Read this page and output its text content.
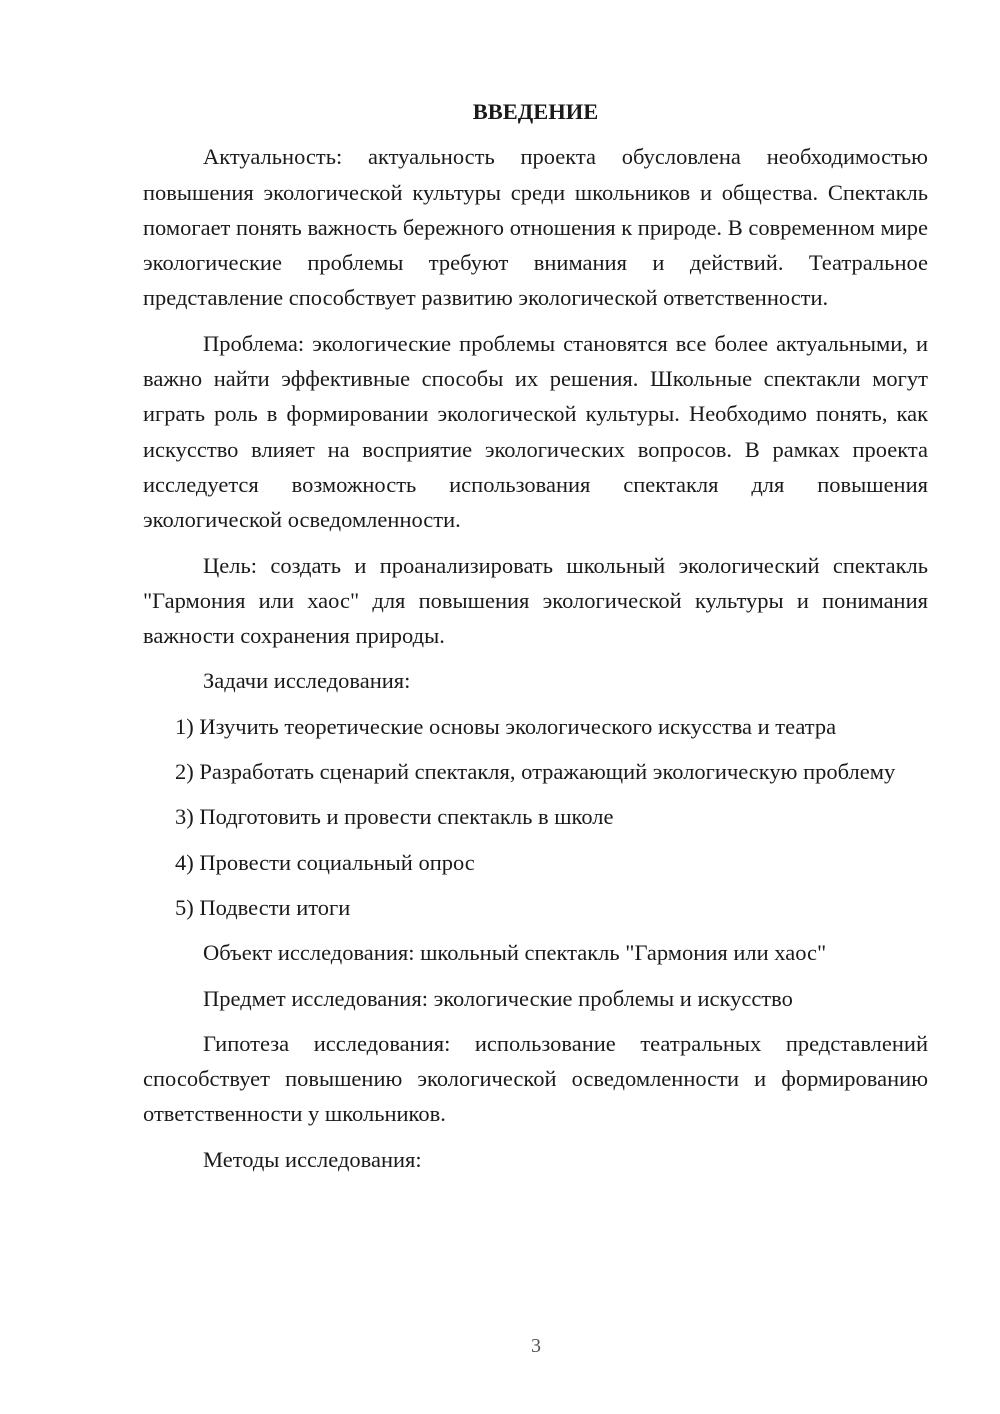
ВВЕДЕНИЕ

Актуальность: актуальность проекта обусловлена необходимостью повышения экологической культуры среди школьников и общества. Спектакль помогает понять важность бережного отношения к природе. В современном мире экологические проблемы требуют внимания и действий. Театральное представление способствует развитию экологической ответственности.

Проблема: экологические проблемы становятся все более актуальными, и важно найти эффективные способы их решения. Школьные спектакли могут играть роль в формировании экологической культуры. Необходимо понять, как искусство влияет на восприятие экологических вопросов. В рамках проекта исследуется возможность использования спектакля для повышения экологической осведомленности.

Цель: создать и проанализировать школьный экологический спектакль "Гармония или хаос" для повышения экологической культуры и понимания важности сохранения природы.

Задачи исследования:

1) Изучить теоретические основы экологического искусства и театра

2) Разработать сценарий спектакля, отражающий экологическую проблему

3) Подготовить и провести спектакль в школе

4) Провести социальный опрос

5) Подвести итоги

Объект исследования: школьный спектакль "Гармония или хаос"

Предмет исследования: экологические проблемы и искусство

Гипотеза исследования: использование театральных представлений способствует повышению экологической осведомленности и формированию ответственности у школьников.

Методы исследования:

3
